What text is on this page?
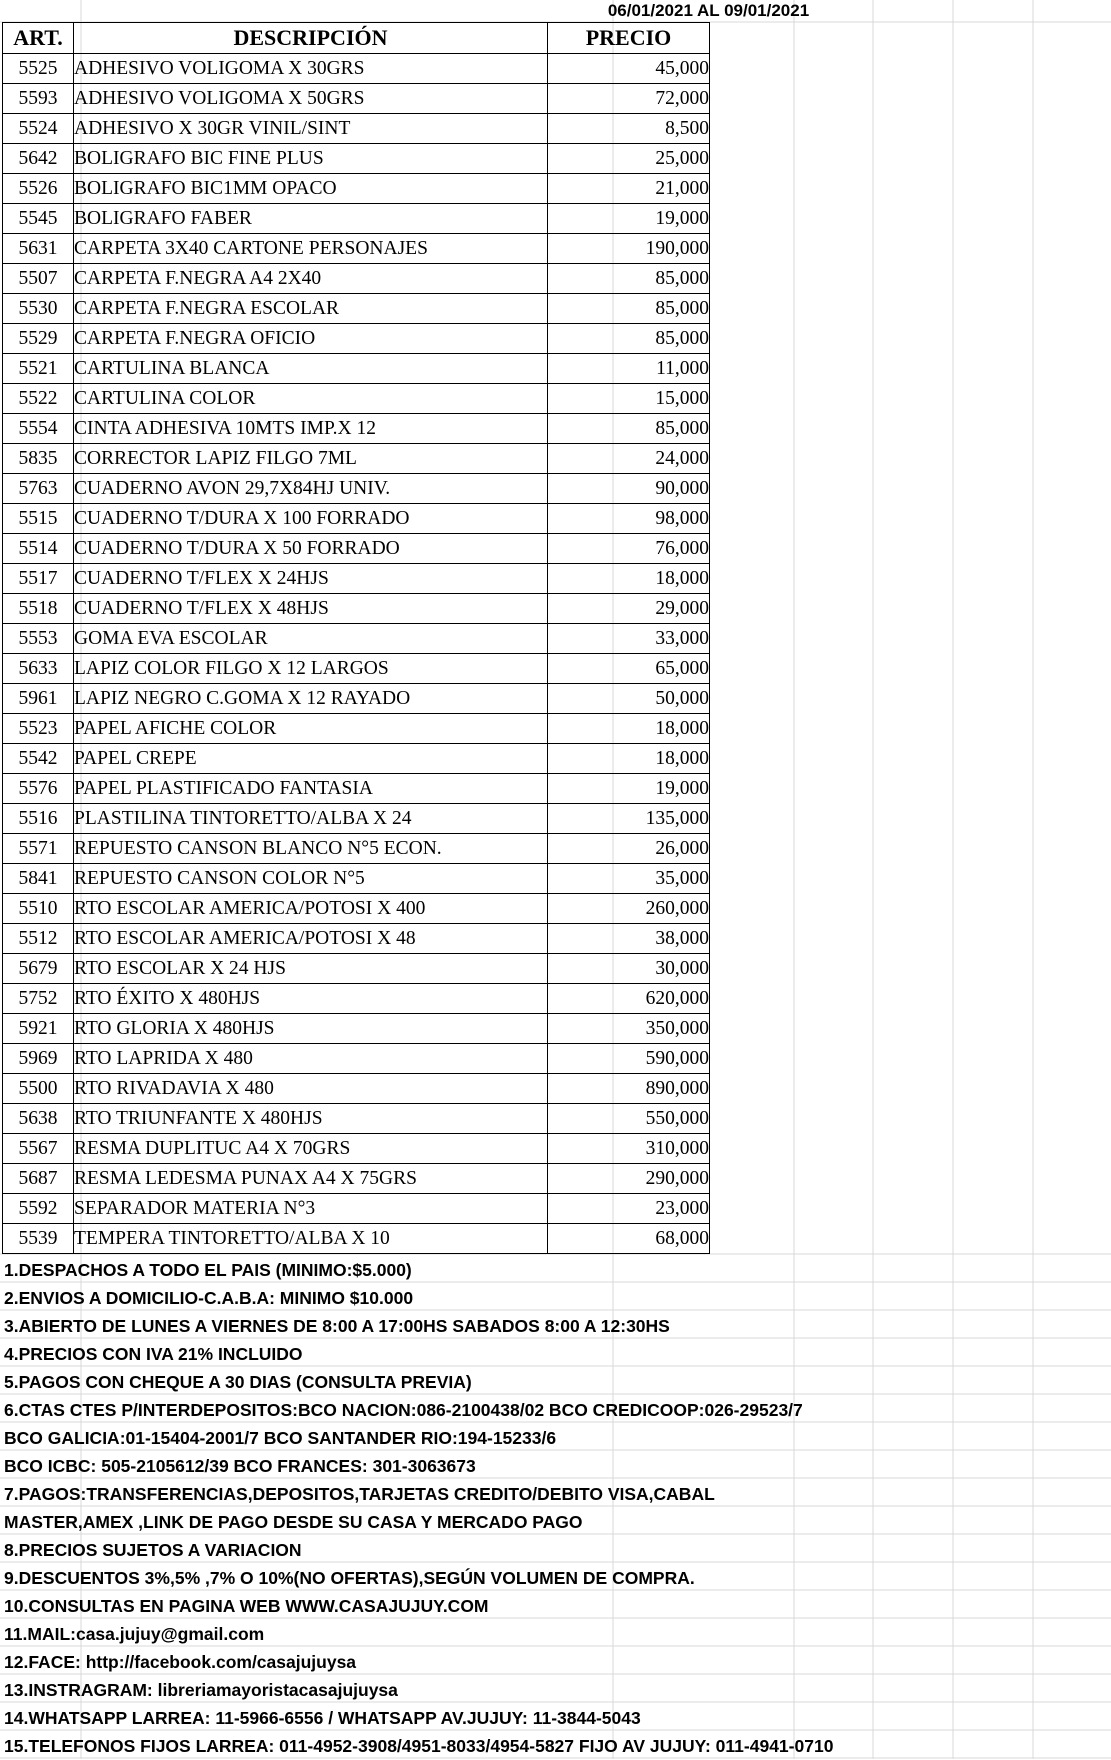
06/01/2021 AL 09/01/2021
ART.	DESCRIPCIÓN	PRECIO
5525	ADHESIVO VOLIGOMA X 30GRS	45,000
5593	ADHESIVO VOLIGOMA X 50GRS	72,000
5524	ADHESIVO X 30GR VINIL/SINT	8,500
5642	BOLIGRAFO BIC FINE PLUS	25,000
5526	BOLIGRAFO BIC1MM OPACO	21,000
5545	BOLIGRAFO FABER	19,000
5631	CARPETA 3X40 CARTONE PERSONAJES	190,000
5507	CARPETA F.NEGRA A4 2X40	85,000
5530	CARPETA F.NEGRA ESCOLAR	85,000
5529	CARPETA F.NEGRA OFICIO	85,000
5521	CARTULINA BLANCA	11,000
5522	CARTULINA COLOR	15,000
5554	CINTA ADHESIVA 10MTS IMP.X 12	85,000
5835	CORRECTOR LAPIZ FILGO 7ML	24,000
5763	CUADERNO AVON 29,7X84HJ UNIV.	90,000
5515	CUADERNO T/DURA X 100 FORRADO	98,000
5514	CUADERNO T/DURA X 50 FORRADO	76,000
5517	CUADERNO T/FLEX X 24HJS	18,000
5518	CUADERNO T/FLEX X 48HJS	29,000
5553	GOMA EVA ESCOLAR	33,000
5633	LAPIZ COLOR FILGO X 12 LARGOS	65,000
5961	LAPIZ NEGRO C.GOMA X 12 RAYADO	50,000
5523	PAPEL AFICHE COLOR	18,000
5542	PAPEL CREPE	18,000
5576	PAPEL PLASTIFICADO FANTASIA	19,000
5516	PLASTILINA TINTORETTO/ALBA X 24	135,000
5571	REPUESTO CANSON BLANCO N°5 ECON.	26,000
5841	REPUESTO CANSON COLOR N°5	35,000
5510	RTO ESCOLAR AMERICA/POTOSI X 400	260,000
5512	RTO ESCOLAR AMERICA/POTOSI X 48	38,000
5679	RTO ESCOLAR X 24 HJS	30,000
5752	RTO ÉXITO X 480HJS	620,000
5921	RTO GLORIA X 480HJS	350,000
5969	RTO LAPRIDA X 480	590,000
5500	RTO RIVADAVIA X 480	890,000
5638	RTO TRIUNFANTE X 480HJS	550,000
5567	RESMA DUPLITUC A4 X 70GRS	310,000
5687	RESMA LEDESMA PUNAX A4 X 75GRS	290,000
5592	SEPARADOR MATERIA N°3	23,000
5539	TEMPERA TINTORETTO/ALBA X 10	68,000
1.DESPACHOS A TODO EL PAIS (MINIMO:$5.000)
2.ENVIOS A DOMICILIO-C.A.B.A: MINIMO $10.000
3.ABIERTO DE LUNES A VIERNES DE 8:00 A 17:00HS SABADOS 8:00 A 12:30HS
4.PRECIOS CON IVA 21% INCLUIDO
5.PAGOS CON CHEQUE A 30 DIAS (CONSULTA PREVIA)
6.CTAS CTES P/INTERDEPOSITOS:BCO NACION:086-2100438/02 BCO CREDICOOP:026-29523/7
BCO GALICIA:01-15404-2001/7 BCO SANTANDER RIO:194-15233/6
BCO ICBC: 505-2105612/39 BCO FRANCES: 301-3063673
7.PAGOS:TRANSFERENCIAS,DEPOSITOS,TARJETAS CREDITO/DEBITO VISA,CABAL
MASTER,AMEX ,LINK DE PAGO DESDE SU CASA Y MERCADO PAGO
8.PRECIOS SUJETOS A VARIACION
9.DESCUENTOS 3%,5% ,7% O 10%(NO OFERTAS),SEGÚN VOLUMEN DE COMPRA.
10.CONSULTAS EN PAGINA WEB WWW.CASAJUJUY.COM
11.MAIL:casa.jujuy@gmail.com
12.FACE: http://facebook.com/casajujuysa
13.INSTRAGRAM: libreriamayoristacasajujuysa
14.WHATSAPP LARREA: 11-5966-6556 / WHATSAPP AV.JUJUY: 11-3844-5043
15.TELEFONOS FIJOS LARREA: 011-4952-3908/4951-8033/4954-5827 FIJO AV JUJUY: 011-4941-0710
